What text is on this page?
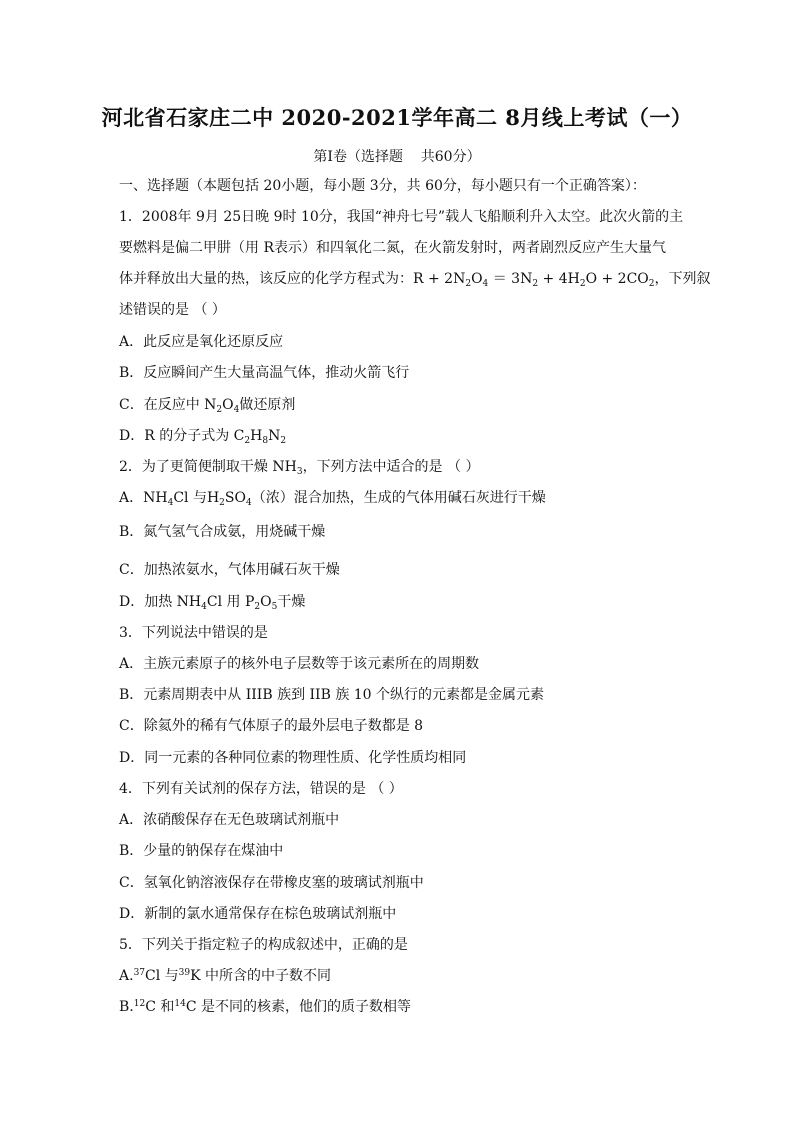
河北省石家庄二中 2020-2021学年高二 8月线上考试（一）
第Ⅰ卷（选择题    共60分）
一、选择题（本题包括 20小题，每小题 3分，共 60分，每小题只有一个正确答案）：
1．2008年 9月 25日晚 9时 10分，我国“神舟七号”载人飞船顺利升入太空。此次火箭的主
要燃料是偏二甲肼（用 R表示）和四氧化二氮，在火箭发射时，两者剧烈反应产生大量气
体并释放出大量的热，该反应的化学方程式为：$R + 2N_2O_4 = 3N_2 + 4H_2O + 2CO_2$，下列叙
述错误的是 （ ）
A．此反应是氧化还原反应
B．反应瞬间产生大量高温气体，推动火箭飞行
C．在反应中 $N_2O_4$做还原剂
D．R 的分子式为 $C_2H_8N_2$
2．为了更简便制取干燥 $NH_3$，下列方法中适合的是 （ ）
A．$NH_4Cl$ 与$H_2SO_4$（浓）混合加热，生成的气体用碱石灰进行干燥
B．氮气氢气合成氨，用烧碱干燥
C．加热浓氨水，气体用碱石灰干燥
D．加热 $NH_4Cl$ 用 $P_2O_5$干燥
3．下列说法中错误的是
A．主族元素原子的核外电子层数等于该元素所在的周期数
B．元素周期表中从 IIIB 族到 IIB 族 10 个纵行的元素都是金属元素
C．除氦外的稀有气体原子的最外层电子数都是 8
D．同一元素的各种同位素的物理性质、化学性质均相同
4．下列有关试剂的保存方法，错误的是 （ ）
A．浓硝酸保存在无色玻璃试剂瓶中
B．少量的钠保存在煤油中
C．氢氧化钠溶液保存在带橡皮塞的玻璃试剂瓶中
D．新制的氯水通常保存在棕色玻璃试剂瓶中
5．下列关于指定粒子的构成叙述中，正确的是
A.$^{37}$Cl 与$^{39}$K 中所含的中子数不同
B.$^{12}$C 和$^{14}$C 是不同的核素，他们的质子数相等
